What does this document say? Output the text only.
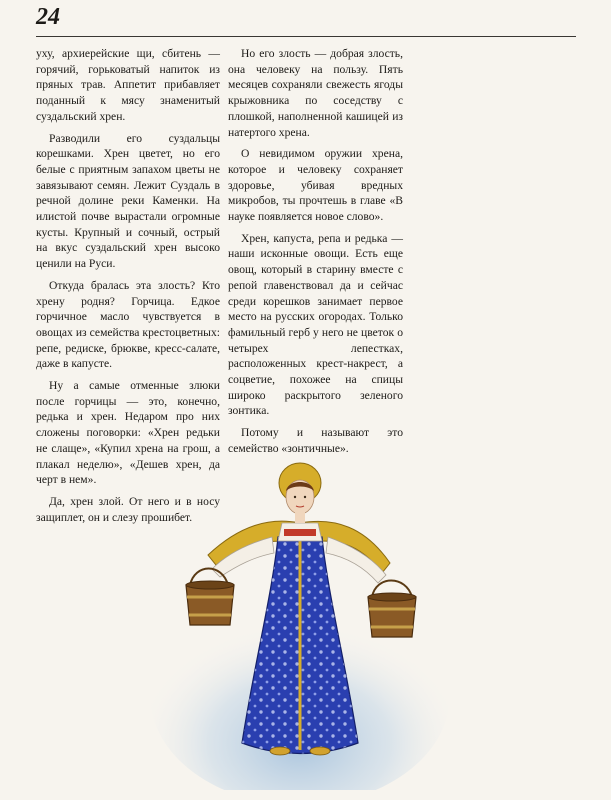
24

уху, архиерейские щи, сбитень — горячий, горьковатый напиток из пряных трав. Аппетит прибавляет поданный к мясу знаменитый суздальский хрен.

Разводили его суздальцы корешками. Хрен цветет, но его белые с приятным запахом цветы не завязывают семян. Лежит Суздаль в речной долине реки Каменки. На илистой почве вырастали огромные кусты. Крупный и сочный, острый на вкус суздальский хрен высоко ценили на Руси.

Откуда бралась эта злость? Кто хрену родня? Горчица. Едкое горчичное масло чувствуется в овощах из семейства крестоцветных: репе, редиске, брюкве, кресс-салате, даже в капусте.

Ну а самые отменные злюки после горчицы — это, конечно, редька и хрен. Недаром про них сложены поговорки: «Хрен редьки не слаще», «Купил хрена на грош, а плакал неделю», «Дешев хрен, да черт в нем».

Да, хрен злой. От него и в носу защиплет, он и слезу прошибет.

Но его злость — добрая злость, она человеку на пользу. Пять месяцев сохраняли свежесть ягоды крыжовника по соседству с плошкой, наполненной кашицей из натертого хрена.

О невидимом оружии хрена, которое и человеку сохраняет здоровье, убивая вредных микробов, ты прочтешь в главе «В науке появляется новое слово».

Хрен, капуста, репа и редька — наши исконные овощи. Есть еще овощ, который в старину вместе с репой главенствовал да и сейчас среди корешков занимает первое место на русских огородах. Только фамильный герб у него не цветок о четырех лепестках, расположенных крест-накрест, а соцветие, похожее на спицы широко раскрытого зеленого зонтика.

Потому и называют это семейство «зонтичные».
